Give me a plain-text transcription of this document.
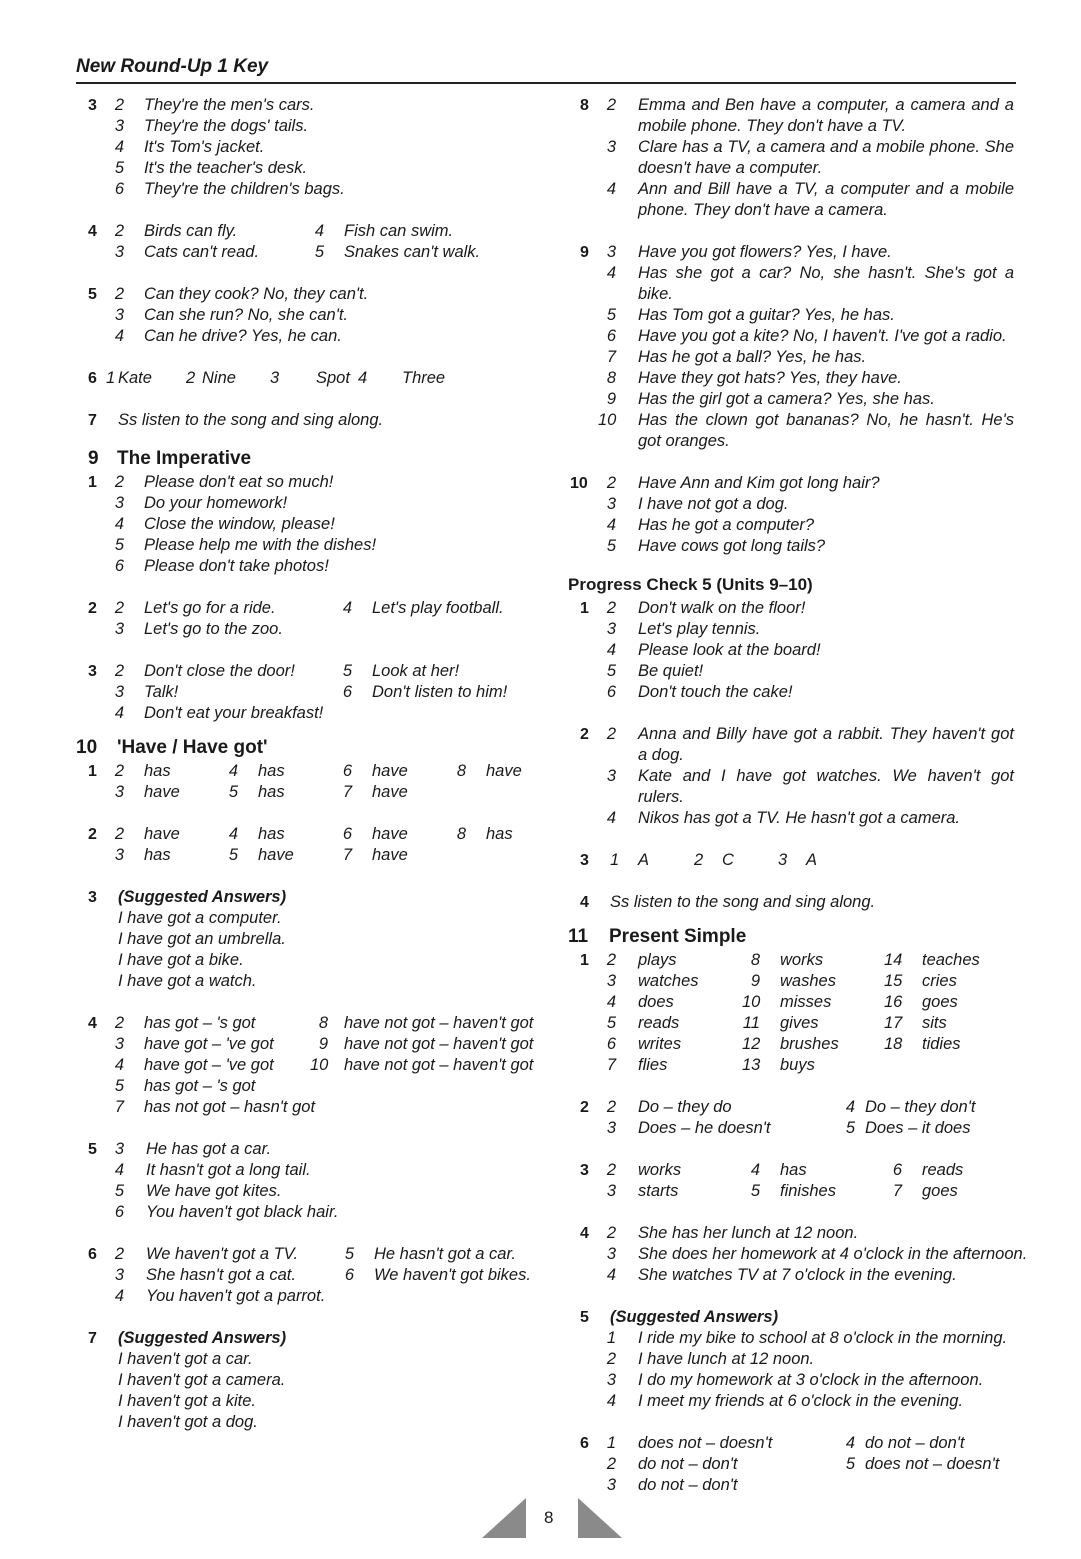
New Round-Up 1 Key
3	2 They're the men's cars.
3 They're the dogs' tails.
4 It's Tom's jacket.
5 It's the teacher's desk.
6 They're the children's bags.
4	2 Birds can fly.	4 Fish can swim.
3 Cats can't read.	5 Snakes can't walk.
5	2 Can they cook? No, they can't.
3 Can she run? No, she can't.
4 Can he drive? Yes, he can.
6 1 Kate 2 Nine 3 Spot 4 Three
7	Ss listen to the song and sing along.
9 The Imperative
1	2 Please don't eat so much!
3 Do your homework!
4 Close the window, please!
5 Please help me with the dishes!
6 Please don't take photos!
2	2 Let's go for a ride.	4 Let's play football.
3 Let's go to the zoo.
3	2 Don't close the door!	5 Look at her!
3 Talk!	6 Don't listen to him!
4 Don't eat your breakfast!
10 'Have / Have got'
1	2 has	4 has	6 have	8 have
3 have	5 has	7 have
2	2 have	4 has	6 have	8 has
3 has	5 have	7 have
3	(Suggested Answers)
I have got a computer.
I have got an umbrella.
I have got a bike.
I have got a watch.
4	2 has got – 's got	8 have not got – haven't got
3 have got – 've got	9 have not got – haven't got
4 have got – 've got 10 have not got – haven't got
5 has got – 's got
7 has not got – hasn't got
5	3 He has got a car.
4 It hasn't got a long tail.
5 We have got kites.
6 You haven't got black hair.
6	2 We haven't got a TV.	5 He hasn't got a car.
3 She hasn't got a cat.	6 We haven't got bikes.
4 You haven't got a parrot.
7	(Suggested Answers)
I haven't got a car.
I haven't got a camera.
I haven't got a kite.
I haven't got a dog.
8	2 Emma and Ben have a computer, a camera and a mobile phone. They don't have a TV.
3 Clare has a TV, a camera and a mobile phone. She doesn't have a computer.
4 Ann and Bill have a TV, a computer and a mobile phone. They don't have a camera.
9	3 Have you got flowers? Yes, I have.
4 Has she got a car? No, she hasn't. She's got a bike.
5 Has Tom got a guitar? Yes, he has.
6 Have you got a kite? No, I haven't. I've got a radio.
7 Has he got a ball? Yes, he has.
8 Have they got hats? Yes, they have.
9 Has the girl got a camera? Yes, she has.
10 Has the clown got bananas? No, he hasn't. He's got oranges.
10	2 Have Ann and Kim got long hair?
3 I have not got a dog.
4 Has he got a computer?
5 Have cows got long tails?
Progress Check 5 (Units 9–10)
1	2 Don't walk on the floor!
3 Let's play tennis.
4 Please look at the board!
5 Be quiet!
6 Don't touch the cake!
2	2 Anna and Billy have got a rabbit. They haven't got a dog.
3 Kate and I have got watches. We haven't got rulers.
4 Nikos has got a TV. He hasn't got a camera.
3	1 A	2 C	3 A
4	Ss listen to the song and sing along.
11 Present Simple
1	2 plays	8 works	14 teaches
3 watches	9 washes	15 cries
4 does	10 misses	16 goes
5 reads	11 gives	17 sits
6 writes	12 brushes	18 tidies
7 flies	13 buys
2	2 Do – they do	4 Do – they don't
3 Does – he doesn't	5 Does – it does
3	2 works	4 has	6 reads
3 starts	5 finishes	7 goes
4	2 She has her lunch at 12 noon.
3 She does her homework at 4 o'clock in the afternoon.
4 She watches TV at 7 o'clock in the evening.
5	(Suggested Answers)
1 I ride my bike to school at 8 o'clock in the morning.
2 I have lunch at 12 noon.
3 I do my homework at 3 o'clock in the afternoon.
4 I meet my friends at 6 o'clock in the evening.
6	1 does not – doesn't	4 do not – don't
2 do not – don't	5 does not – doesn't
3 do not – don't
8
